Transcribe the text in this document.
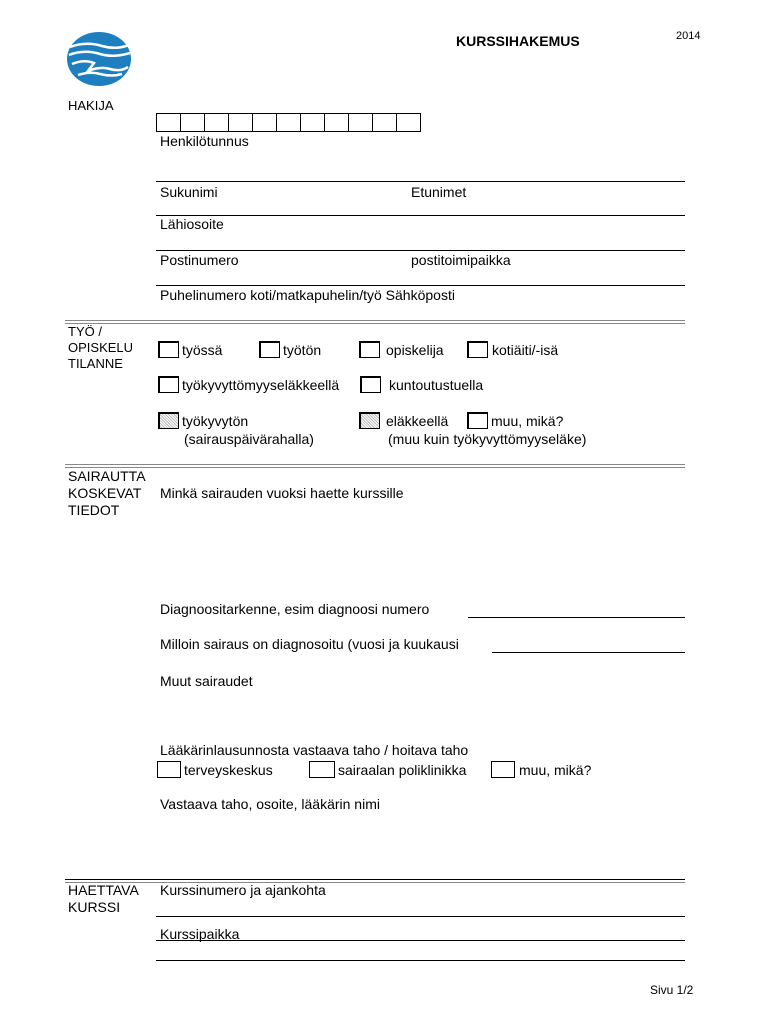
KURSSIHAKEMUS	2014
HAKIJA
Henkilötunnus
Sukunimi	Etunimet
Lähiosoite
Postinumero	postitoimipaikka
Puhelinumero koti/matkapuhelin/työ Sähköposti
TYÖ /
OPISKELU
TILANNE
työssä	työtön	opiskelija	kotiäiti/-isä
työkyvyttömyyseläkkeellä	kuntoutustuella
työkyvytön
(sairauspäivärahalla)
eläkkeellä
(muu kuin työkyvyttömyyseläke)
muu, mikä?
SAIRAUTTA
KOSKEVAT
TIEDOT
Minkä sairauden vuoksi haette kurssille
Diagnoositarkenne, esim diagnoosi numero
Milloin sairaus on diagnosoitu (vuosi ja kuukausi
Muut sairaudet
Lääkärinlausunnosta vastaava taho / hoitava taho
terveyskeskus	sairaalan poliklinikka	muu, mikä?
Vastaava taho, osoite, lääkärin nimi
HAETTAVA
KURSSI
Kurssinumero ja ajankohta
Kurssipaikka
Sivu 1/2
